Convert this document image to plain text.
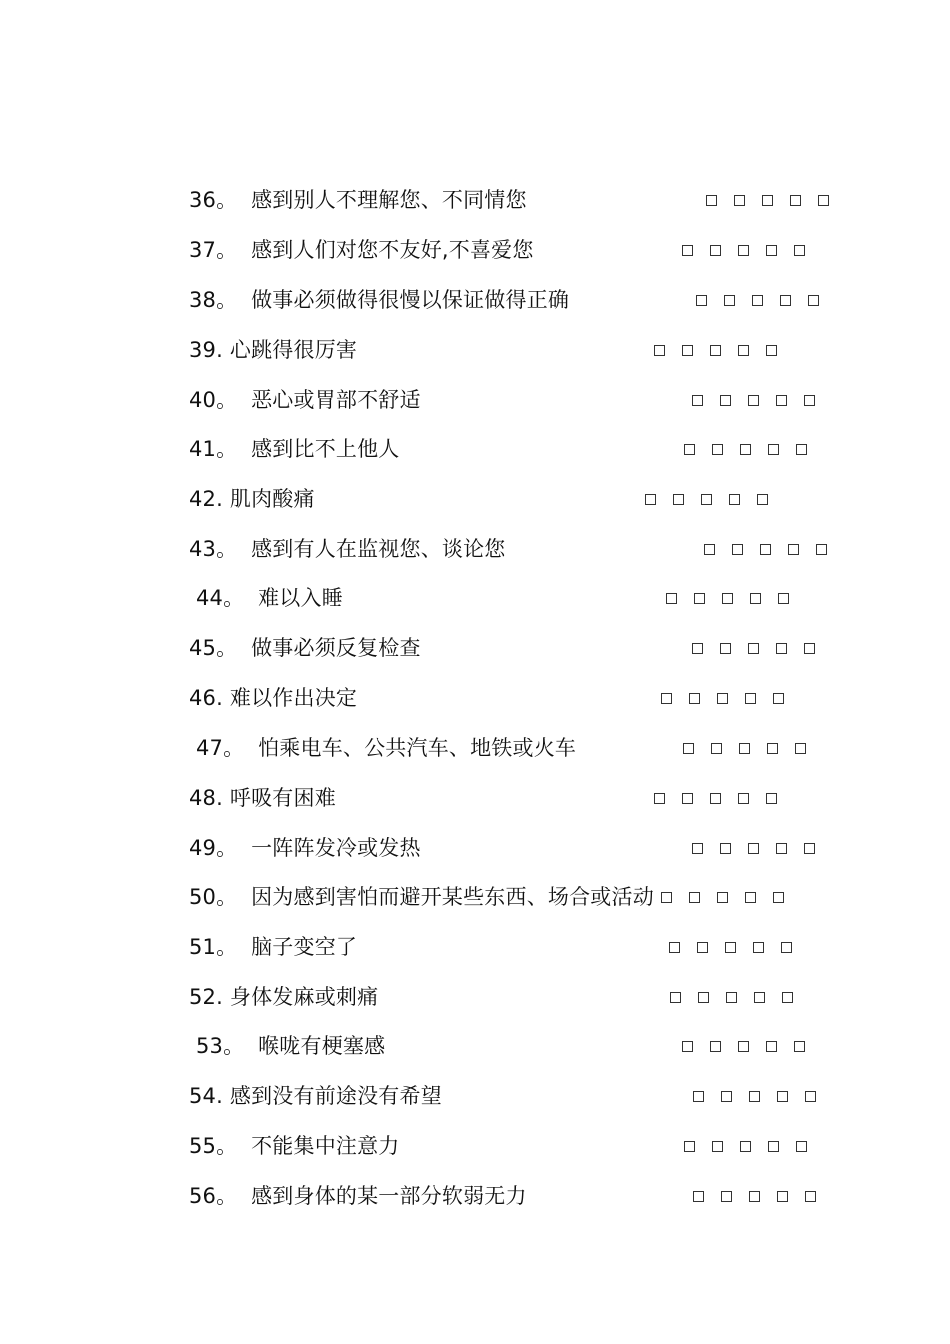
36。 感到别人不理解您、不同情您
37。 感到人们对您不友好,不喜爱您
38。 做事必须做得很慢以保证做得正确
39. 心跳得很厉害
40。 恶心或胃部不舒适
41。 感到比不上他人
42. 肌肉酸痛
43。 感到有人在监视您、谈论您
44。 难以入睡
45。 做事必须反复检查
46. 难以作出决定
47。 怕乘电车、公共汽车、地铁或火车
48. 呼吸有困难
49。 一阵阵发冷或发热
50。 因为感到害怕而避开某些东西、场合或活动
51。 脑子变空了
52. 身体发麻或刺痛
53。 喉咙有梗塞感
54. 感到没有前途没有希望
55。 不能集中注意力
56。 感到身体的某一部分软弱无力
